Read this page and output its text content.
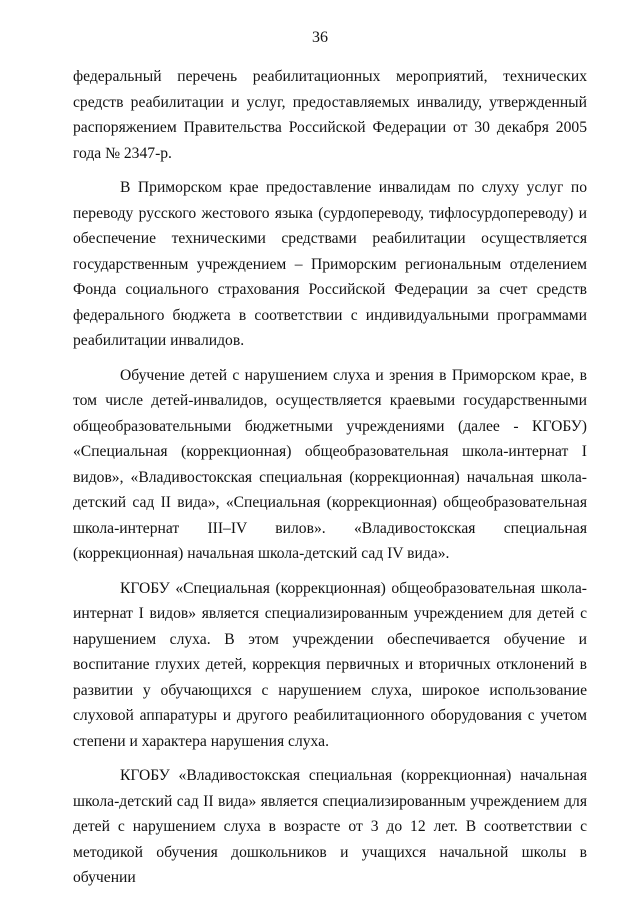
36

федеральный перечень реабилитационных мероприятий, технических средств реабилитации и услуг, предоставляемых инвалиду, утвержденный распоряжением Правительства Российской Федерации от 30 декабря 2005 года № 2347-р.

В Приморском крае предоставление инвалидам по слуху услуг по переводу русского жестового языка (сурдопереводу, тифлосурдопереводу) и обеспечение техническими средствами реабилитации осуществляется государственным учреждением – Приморским региональным отделением Фонда социального страхования Российской Федерации за счет средств федерального бюджета в соответствии с индивидуальными программами реабилитации инвалидов.

Обучение детей с нарушением слуха и зрения в Приморском крае, в том числе детей-инвалидов, осуществляется краевыми государственными общеобразовательными бюджетными учреждениями (далее - КГОБУ) «Специальная (коррекционная) общеобразовательная школа-интернат I видов», «Владивостокская специальная (коррекционная) начальная школа-детский сад II вида», «Специальная (коррекционная) общеобразовательная школа-интернат III–IV вилов». «Владивостокская специальная (коррекционная) начальная школа-детский сад IV вида».

КГОБУ «Специальная (коррекционная) общеобразовательная школа-интернат I видов» является специализированным учреждением для детей с нарушением слуха. В этом учреждении обеспечивается обучение и воспитание глухих детей, коррекция первичных и вторичных отклонений в развитии у обучающихся с нарушением слуха, широкое использование слуховой аппаратуры и другого реабилитационного оборудования с учетом степени и характера нарушения слуха.

КГОБУ «Владивостокская специальная (коррекционная) начальная школа-детский сад II вида» является специализированным учреждением для детей с нарушением слуха в возрасте от 3 до 12 лет. В соответствии с методикой обучения дошкольников и учащихся начальной школы в обучении
